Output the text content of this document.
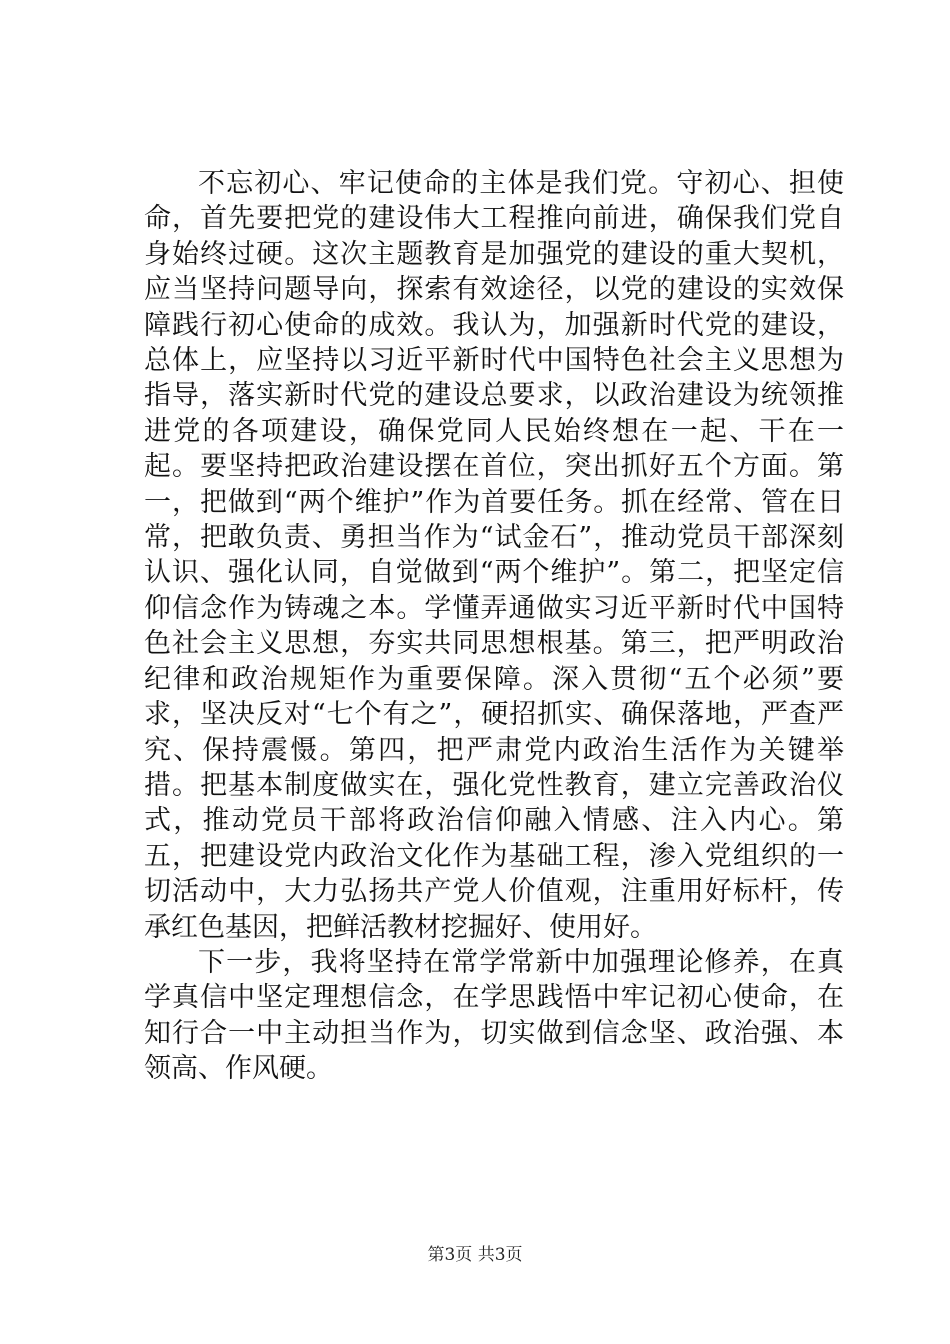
不忘初心、牢记使命的主体是我们党。守初心、担使命，首先要把党的建设伟大工程推向前进，确保我们党自身始终过硬。这次主题教育是加强党的建设的重大契机，应当坚持问题导向，探索有效途径，以党的建设的实效保障践行初心使命的成效。我认为，加强新时代党的建设，总体上，应坚持以习近平新时代中国特色社会主义思想为指导，落实新时代党的建设总要求，以政治建设为统领推进党的各项建设，确保党同人民始终想在一起、干在一起。要坚持把政治建设摆在首位，突出抓好五个方面。第一，把做到“两个维护”作为首要任务。抓在经常、管在日常，把敢负责、勇担当作为“试金石”，推动党员干部深刻认识、强化认同，自觉做到“两个维护”。第二，把坚定信仰信念作为铸魂之本。学懂弄通做实习近平新时代中国特色社会主义思想，夯实共同思想根基。第三，把严明政治纪律和政治规矩作为重要保障。深入贯彻“五个必须”要求，坚决反对“七个有之”，硬招抓实、确保落地，严查严究、保持震慑。第四，把严肃党内政治生活作为关键举措。把基本制度做实在，强化党性教育，建立完善政治仪式，推动党员干部将政治信仰融入情感、注入内心。第五，把建设党内政治文化作为基础工程，渗入党组织的一切活动中，大力弘扬共产党人价值观，注重用好标杆，传承红色基因，把鲜活教材挖掘好、使用好。

下一步，我将坚持在常学常新中加强理论修养，在真学真信中坚定理想信念，在学思践悟中牢记初心使命，在知行合一中主动担当作为，切实做到信念坚、政治强、本领高、作风硬。

第3页 共3页
